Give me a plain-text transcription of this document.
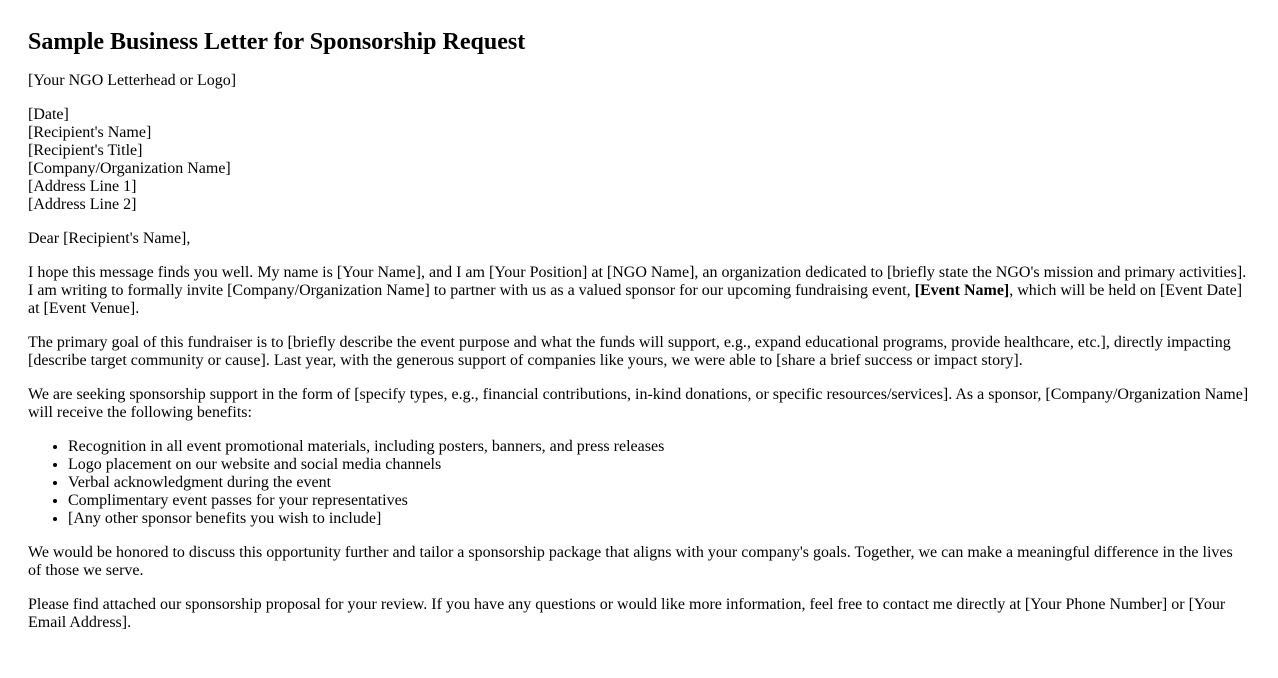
Sample Business Letter for Sponsorship Request

[Your NGO Letterhead or Logo]

[Date]
[Recipient's Name]
[Recipient's Title]
[Company/Organization Name]
[Address Line 1]
[Address Line 2]

Dear [Recipient's Name],

I hope this message finds you well. My name is [Your Name], and I am [Your Position] at [NGO Name], an organization dedicated to [briefly state the NGO's mission and primary activities]. I am writing to formally invite [Company/Organization Name] to partner with us as a valued sponsor for our upcoming fundraising event, [Event Name], which will be held on [Event Date] at [Event Venue].

The primary goal of this fundraiser is to [briefly describe the event purpose and what the funds will support, e.g., expand educational programs, provide healthcare, etc.], directly impacting [describe target community or cause]. Last year, with the generous support of companies like yours, we were able to [share a brief success or impact story].

We are seeking sponsorship support in the form of [specify types, e.g., financial contributions, in-kind donations, or specific resources/services]. As a sponsor, [Company/Organization Name] will receive the following benefits:

• Recognition in all event promotional materials, including posters, banners, and press releases
• Logo placement on our website and social media channels
• Verbal acknowledgment during the event
• Complimentary event passes for your representatives
• [Any other sponsor benefits you wish to include]

We would be honored to discuss this opportunity further and tailor a sponsorship package that aligns with your company's goals. Together, we can make a meaningful difference in the lives of those we serve.

Please find attached our sponsorship proposal for your review. If you have any questions or would like more information, feel free to contact me directly at [Your Phone Number] or [Your Email Address].
